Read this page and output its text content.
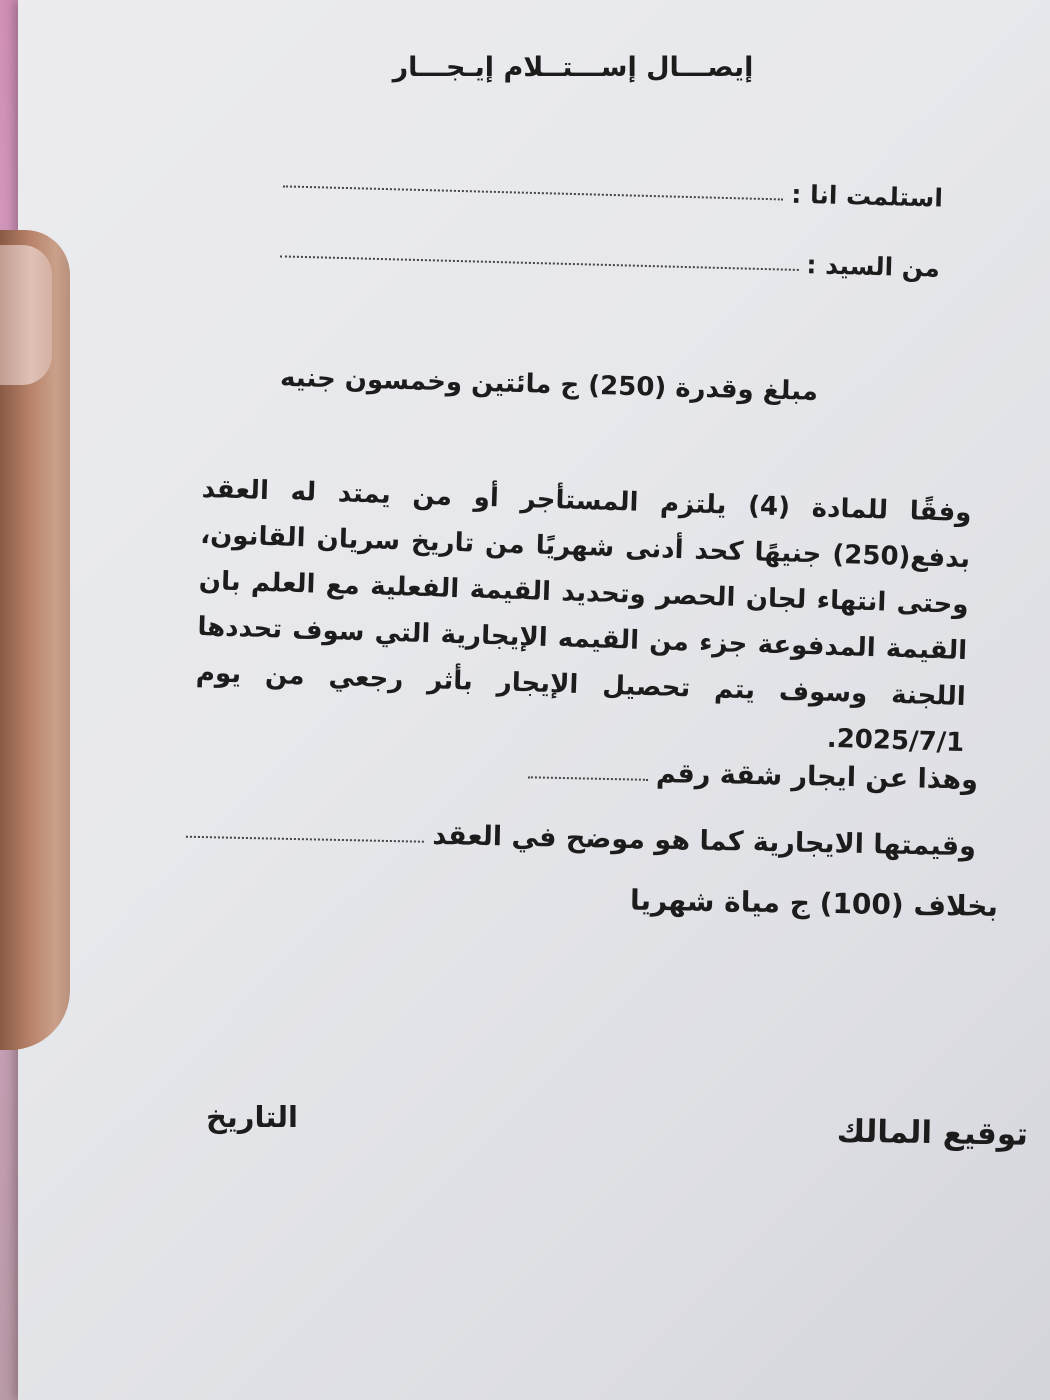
إيصـــال إســـتــلام إيـجـــار
استلمت انا :
من السيد :
مبلغ وقدرة (250) ج مائتين وخمسون جنيه
وفقًا للمادة (4) يلتزم المستأجر أو من يمتد له العقد بدفع(250) جنيهًا كحد أدنى شهريًا من تاريخ سريان القانون، وحتى انتهاء لجان الحصر وتحديد القيمة الفعلية مع العلم بان القيمة المدفوعة جزء من القيمه الإيجارية التي سوف تحددها اللجنة وسوف يتم تحصيل الإيجار بأثر رجعي من يوم 2025/7/1.
وهذا عن ايجار شقة رقم
وقيمتها الايجارية كما هو موضح في العقد
بخلاف (100) ج مياة شهريا
توقيع المالك
التاريخ
